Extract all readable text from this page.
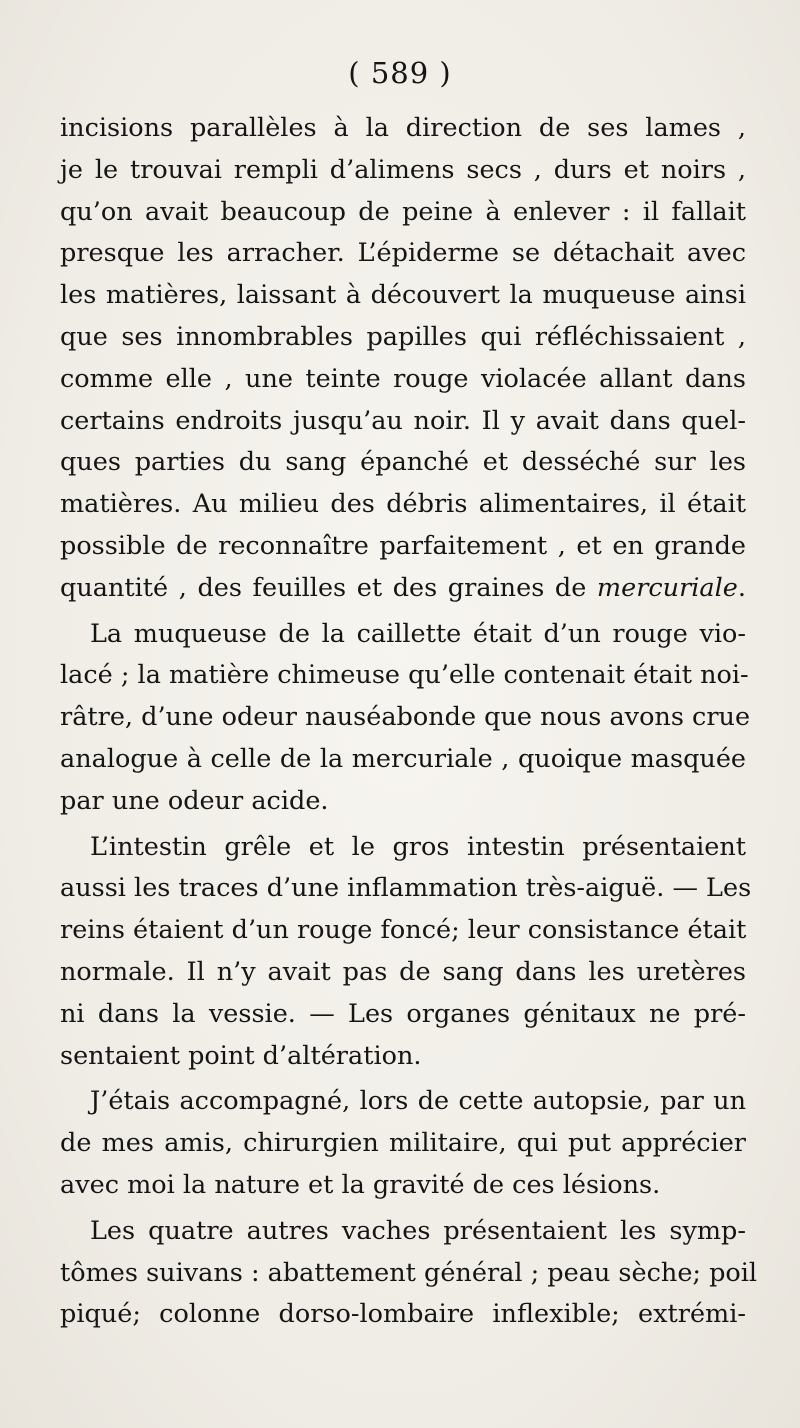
( 589 )
incisions parallèles à la direction de ses lames ,
je le trouvai rempli d’alimens secs , durs et noirs ,
qu’on avait beaucoup de peine à enlever : il fallait
presque les arracher. L’épiderme se détachait avec
les matières, laissant à découvert la muqueuse ainsi
que ses innombrables papilles qui réfléchissaient ,
comme elle , une teinte rouge violacée allant dans
certains endroits jusqu’au noir. Il y avait dans quel-
ques parties du sang épanché et desséché sur les
matières. Au milieu des débris alimentaires, il était
possible de reconnaître parfaitement , et en grande
quantité , des feuilles et des graines de mercuriale.
La muqueuse de la caillette était d’un rouge vio-
lacé ; la matière chimeuse qu’elle contenait était noi-
râtre, d’une odeur nauséabonde que nous avons crue
analogue à celle de la mercuriale , quoique masquée
par une odeur acide.
L’intestin grêle et le gros intestin présentaient
aussi les traces d’une inflammation très-aiguë. — Les
reins étaient d’un rouge foncé; leur consistance était
normale. Il n’y avait pas de sang dans les uretères
ni dans la vessie. — Les organes génitaux ne pré-
sentaient point d’altération.
J’étais accompagné, lors de cette autopsie, par un
de mes amis, chirurgien militaire, qui put apprécier
avec moi la nature et la gravité de ces lésions.
Les quatre autres vaches présentaient les symp-
tômes suivans : abattement général ; peau sèche; poil
piqué; colonne dorso-lombaire inflexible; extrémi-
